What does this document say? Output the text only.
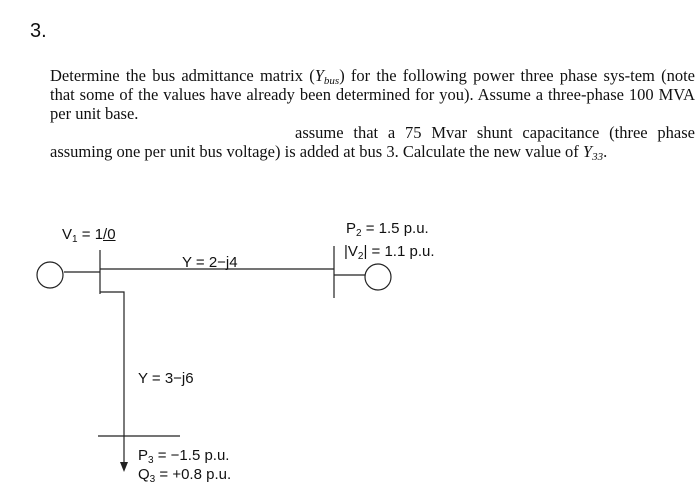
3.

Determine the bus admittance matrix $(Y_{bus})$ for the following power three phase sys-tem (note that some of the values have already been determined for you). Assume a three-phase 100 MVA per unit base.

assume that a 75 Mvar shunt capacitance (three phase assuming one per unit bus voltage) is added at bus 3. Calculate the new value of $Y_{33}$.

$V_1 = 1/0$
Y = 2−j4
$P_2 = 1.5$ p.u.
$|V_2| = 1.1$ p.u.
Y = 3−j6
$P_3 = -1.5$ p.u.
$Q_3 = +0.8$ p.u.
